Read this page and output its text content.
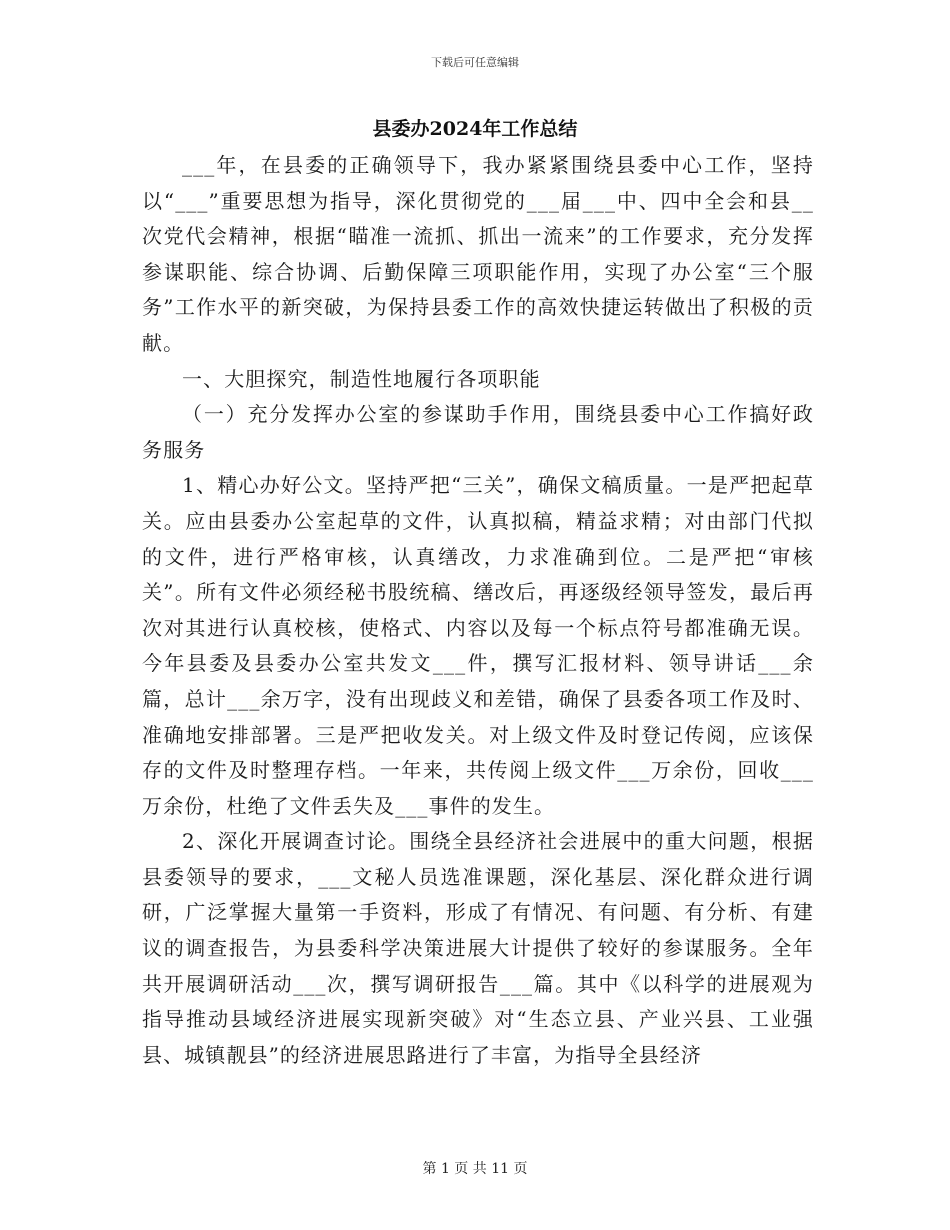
下载后可任意编辑
县委办2024年工作总结

___年，在县委的正确领导下，我办紧紧围绕县委中心工作，坚持以“___”重要思想为指导，深化贯彻党的___届___中、四中全会和县__次党代会精神，根据“瞄准一流抓、抓出一流来”的工作要求，充分发挥参谋职能、综合协调、后勤保障三项职能作用，实现了办公室“三个服务”工作水平的新突破，为保持县委工作的高效快捷运转做出了积极的贡献。

一、大胆探究，制造性地履行各项职能

（一）充分发挥办公室的参谋助手作用，围绕县委中心工作搞好政务服务

1、精心办好公文。坚持严把“三关”，确保文稿质量。一是严把起草关。应由县委办公室起草的文件，认真拟稿，精益求精；对由部门代拟的文件，进行严格审核，认真缮改，力求准确到位。二是严把“审核关”。所有文件必须经秘书股统稿、缮改后，再逐级经领导签发，最后再次对其进行认真校核，使格式、内容以及每一个标点符号都准确无误。今年县委及县委办公室共发文___件，撰写汇报材料、领导讲话___余篇，总计___余万字，没有出现歧义和差错，确保了县委各项工作及时、准确地安排部署。三是严把收发关。对上级文件及时登记传阅，应该保存的文件及时整理存档。一年来，共传阅上级文件___万余份，回收___万余份，杜绝了文件丢失及___事件的发生。

2、深化开展调查讨论。围绕全县经济社会进展中的重大问题，根据县委领导的要求，___文秘人员选准课题，深化基层、深化群众进行调研，广泛掌握大量第一手资料，形成了有情况、有问题、有分析、有建议的调查报告，为县委科学决策进展大计提供了较好的参谋服务。全年共开展调研活动___次，撰写调研报告___篇。其中《以科学的进展观为指导推动县域经济进展实现新突破》对“生态立县、产业兴县、工业强县、城镇靓县”的经济进展思路进行了丰富，为指导全县经济

第 1 页 共 11 页
